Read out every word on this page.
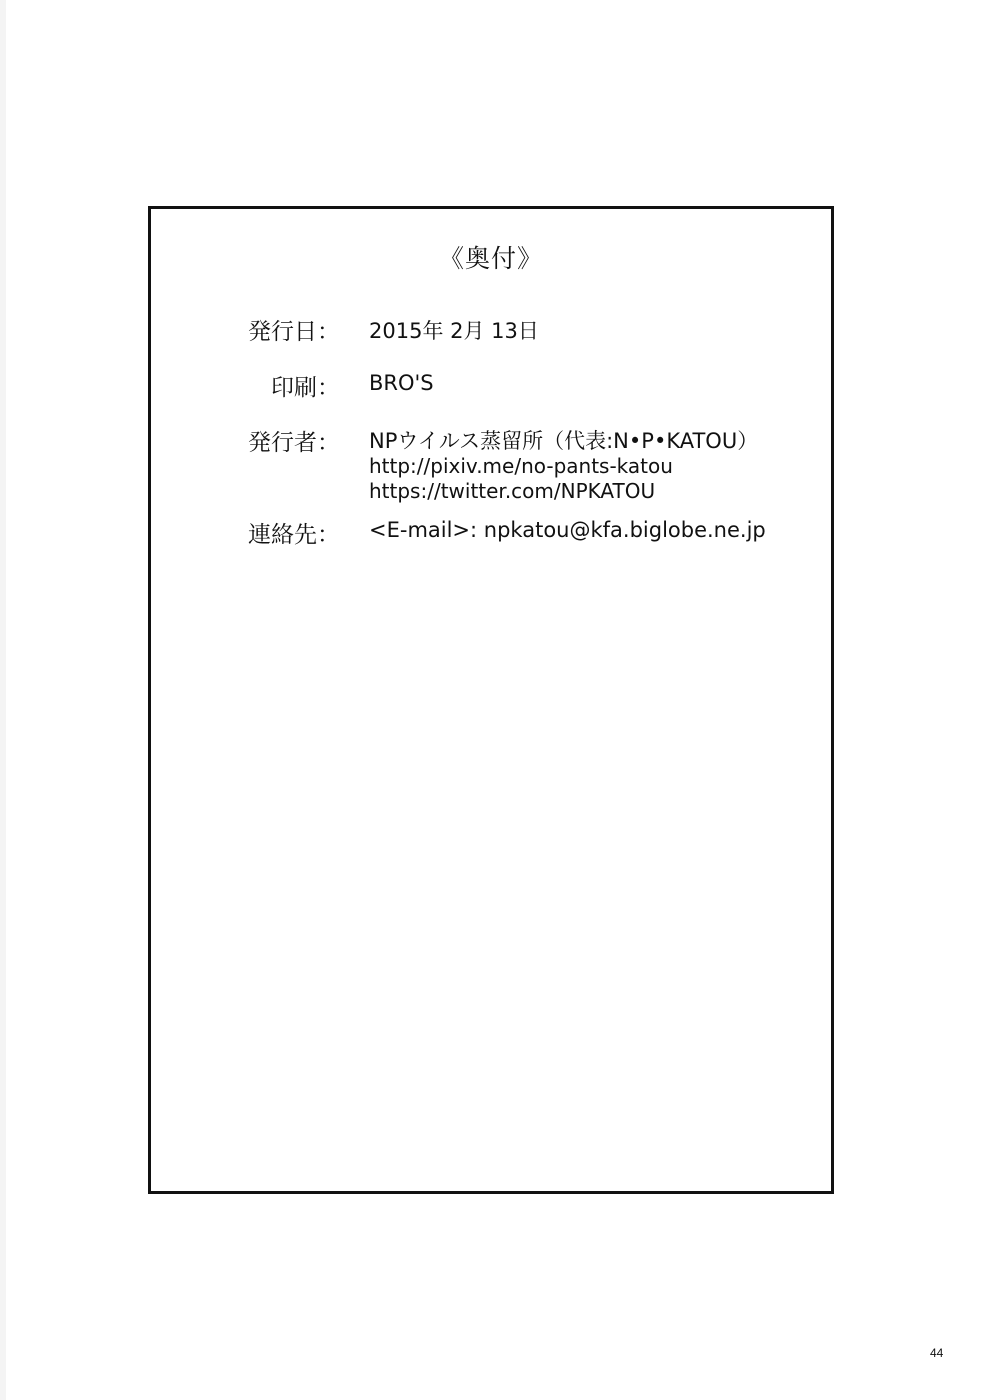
《奥付》
発行日： 2015年 2月 13日
印刷： BRO'S
発行者： NPウイルス蒸留所（代表:N•P•KATOU）
http://pixiv.me/no-pants-katou
https://twitter.com/NPKATOU
連絡先： <E-mail>: npkatou@kfa.biglobe.ne.jp
44
